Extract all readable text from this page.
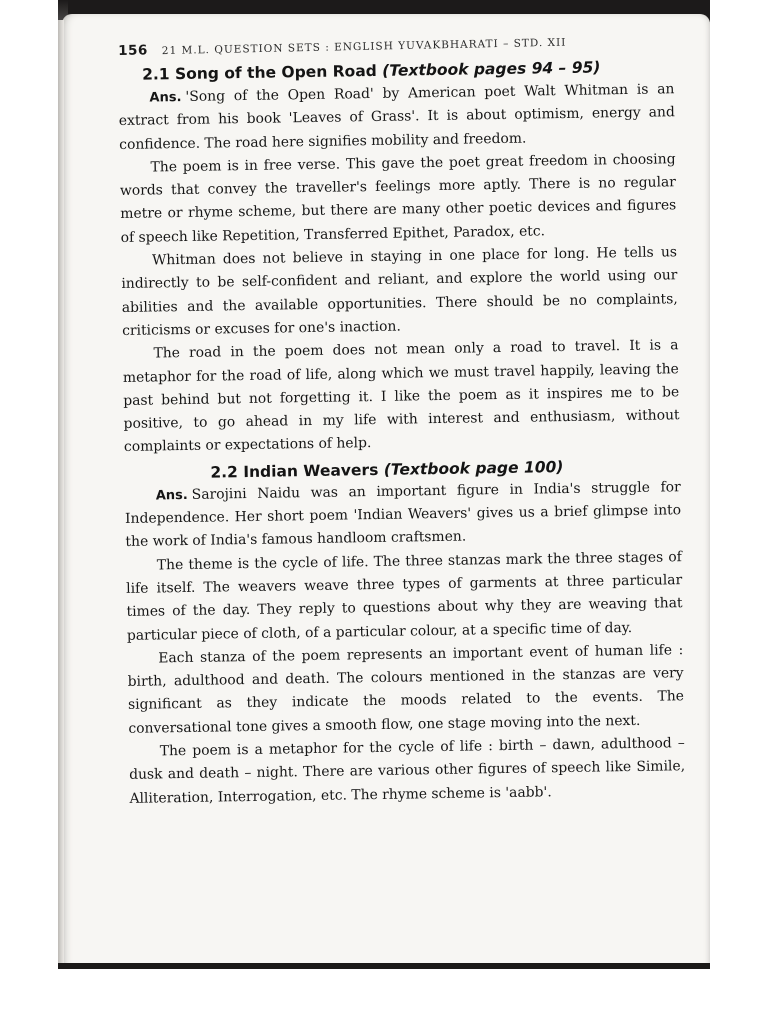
156 21 M.L. QUESTION SETS : ENGLISH YUVAKBHARATI – STD. XII
2.1 Song of the Open Road (Textbook pages 94 – 95)

Ans. 'Song of the Open Road' by American poet Walt Whitman is an extract from his book 'Leaves of Grass'. It is about optimism, energy and confidence. The road here signifies mobility and freedom.

The poem is in free verse. This gave the poet great freedom in choosing words that convey the traveller's feelings more aptly. There is no regular metre or rhyme scheme, but there are many other poetic devices and figures of speech like Repetition, Transferred Epithet, Paradox, etc.

Whitman does not believe in staying in one place for long. He tells us indirectly to be self-confident and reliant, and explore the world using our abilities and the available opportunities. There should be no complaints, criticisms or excuses for one's inaction.

The road in the poem does not mean only a road to travel. It is a metaphor for the road of life, along which we must travel happily, leaving the past behind but not forgetting it. I like the poem as it inspires me to be positive, to go ahead in my life with interest and enthusiasm, without complaints or expectations of help.

2.2 Indian Weavers (Textbook page 100)

Ans. Sarojini Naidu was an important figure in India's struggle for Independence. Her short poem 'Indian Weavers' gives us a brief glimpse into the work of India's famous handloom craftsmen.

The theme is the cycle of life. The three stanzas mark the three stages of life itself. The weavers weave three types of garments at three particular times of the day. They reply to questions about why they are weaving that particular piece of cloth, of a particular colour, at a specific time of day.

Each stanza of the poem represents an important event of human life : birth, adulthood and death. The colours mentioned in the stanzas are very significant as they indicate the moods related to the events. The conversational tone gives a smooth flow, one stage moving into the next.

The poem is a metaphor for the cycle of life : birth – dawn, adulthood – dusk and death – night. There are various other figures of speech like Simile, Alliteration, Interrogation, etc. The rhyme scheme is 'aabb'.
